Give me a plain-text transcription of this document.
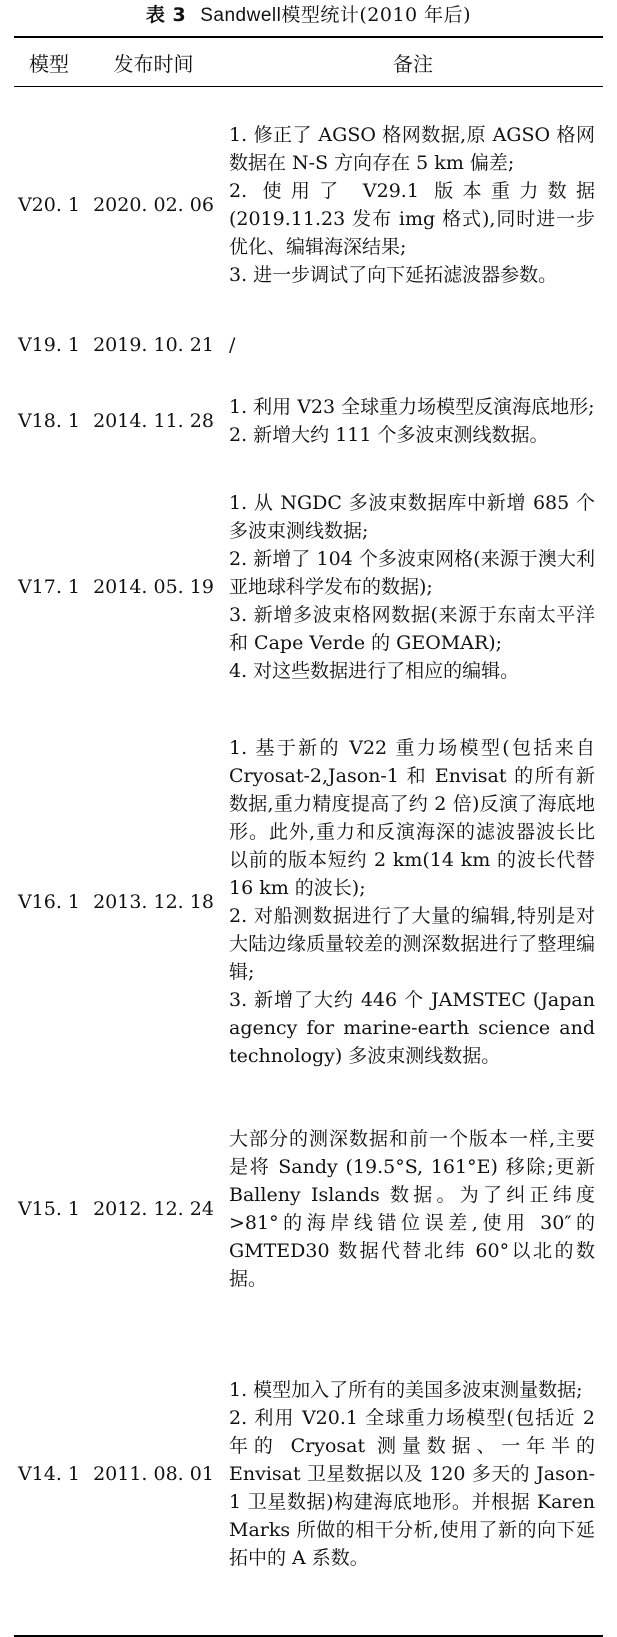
表 3 Sandwell模型统计(2010 年后)
模型	发布时间	备注
V20. 1	2020. 02. 06	1. 修正了 AGSO 格网数据,原 AGSO 格网数据在 N-S 方向存在 5 km 偏差;
2. 使用了 V29.1 版本重力数据(2019.11.23 发布 img 格式),同时进一步优化、编辑海深结果;
3. 进一步调试了向下延拓滤波器参数。

V19. 1	2019. 10. 21	/

V18. 1	2014. 11. 28	1. 利用 V23 全球重力场模型反演海底地形;
2. 新增大约 111 个多波束测线数据。

V17. 1	2014. 05. 19	1. 从 NGDC 多波束数据库中新增 685 个多波束测线数据;
2. 新增了 104 个多波束网格(来源于澳大利亚地球科学发布的数据);
3. 新增多波束格网数据(来源于东南太平洋和 Cape Verde 的 GEOMAR);
4. 对这些数据进行了相应的编辑。

V16. 1	2013. 12. 18	1. 基于新的 V22 重力场模型(包括来自 Cryosat-2,Jason-1 和 Envisat 的所有新数据,重力精度提高了约 2 倍)反演了海底地形。此外,重力和反演海深的滤波器波长比以前的版本短约 2 km(14 km 的波长代替 16 km 的波长);
2. 对船测数据进行了大量的编辑,特别是对大陆边缘质量较差的测深数据进行了整理编辑;
3. 新增了大约 446 个 JAMSTEC (Japan agency for marine-earth science and technology) 多波束测线数据。

V15. 1	2012. 12. 24	大部分的测深数据和前一个版本一样,主要是将 Sandy (19.5°S, 161°E) 移除;更新 Balleny Islands 数据。为了纠正纬度>81°的海岸线错位误差,使用 30″的 GMTED30 数据代替北纬 60°以北的数据。

V14. 1	2011. 08. 01	1. 模型加入了所有的美国多波束测量数据;
2. 利用 V20.1 全球重力场模型(包括近 2 年的 Cryosat 测量数据、一年半的 Envisat 卫星数据以及 120 多天的 Jason-1 卫星数据)构建海底地形。并根据 Karen Marks 所做的相干分析,使用了新的向下延拓中的 A 系数。
